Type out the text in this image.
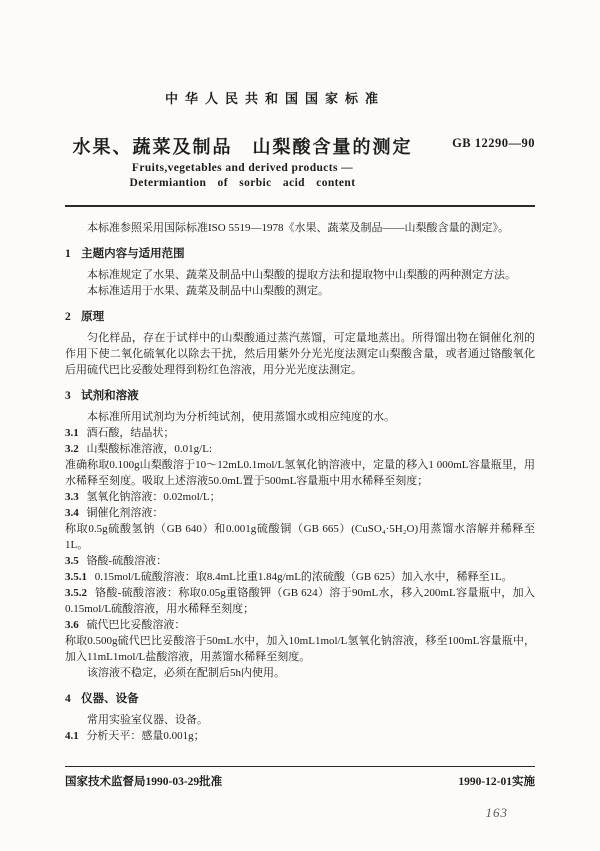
中华人民共和国国家标准
水果、蔬菜及制品　山梨酸含量的测定	GB 12290—90
Fruits,vegetables and derived products —
Determiantion of sorbic acid content

本标准参照采用国际标准ISO 5519—1978《水果、蔬菜及制品——山梨酸含量的测定》。

1 主题内容与适用范围

本标准规定了水果、蔬菜及制品中山梨酸的提取方法和提取物中山梨酸的两种测定方法。

本标准适用于水果、蔬菜及制品中山梨酸的测定。

2 原理

匀化样品，存在于试样中的山梨酸通过蒸汽蒸馏，可定量地蒸出。所得馏出物在铜催化剂的作用下使二氧化硫氧化以除去干扰，然后用紫外分光光度法测定山梨酸含量，或者通过铬酸氧化后用硫代巴比妥酸处理得到粉红色溶液，用分光光度法测定。

3 试剂和溶液

本标准所用试剂均为分析纯试剂，使用蒸馏水或相应纯度的水。

3.1 酒石酸，结晶状；
3.2 山梨酸标准溶液，0.01g/L:

准确称取0.100g山梨酸溶于10～12mL0.1mol/L氢氧化钠溶液中，定量的移入1 000mL容量瓶里，用水稀释至刻度。吸取上述溶液50.0mL置于500mL容量瓶中用水稀释至刻度；

3.3 氢氧化钠溶液：0.02mol/L；
3.4 铜催化剂溶液：

称取0.5g硫酸氢钠（GB 640）和0.001g硫酸铜（GB 665）(CuSO₄·5H₂O)用蒸馏水溶解并稀释至1L。

3.5 铬酸-硫酸溶液：
3.5.1 0.15mol/L硫酸溶液：取8.4mL比重1.84g/mL的浓硫酸（GB 625）加入水中，稀释至1L。
3.5.2 铬酸-硫酸溶液：称取0.05g重铬酸钾（GB 624）溶于90mL水，移入200mL容量瓶中，加入0.15mol/L硫酸溶液，用水稀释至刻度；
3.6 硫代巴比妥酸溶液：

称取0.500g硫代巴比妥酸溶于50mL水中，加入10mL1mol/L氢氧化钠溶液，移至100mL容量瓶中，加入11mL1mol/L盐酸溶液，用蒸馏水稀释至刻度。

该溶液不稳定，必须在配制后5h内使用。

4 仪器、设备

常用实验室仪器、设备。

4.1 分析天平：感量0.001g；
国家技术监督局1990-03-29批准	1990-12-01实施
163
